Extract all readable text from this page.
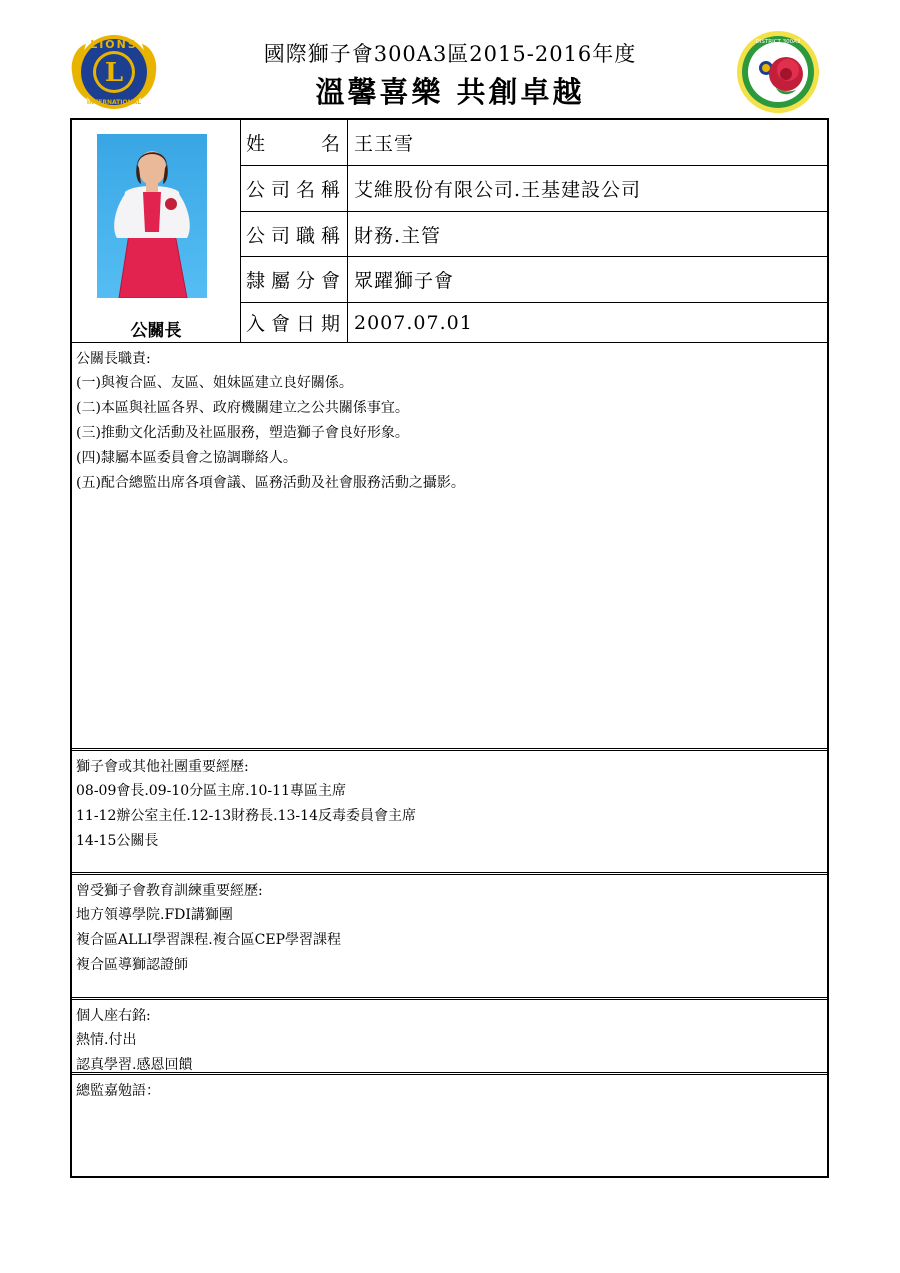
L
LIONS
INTERNATIONAL
國際獅子會300A3區2015-2016年度
溫馨喜樂 共創卓越
DISTRICT 300A3
公關長
姓　　名 王玉雪
公司名稱 艾維股份有限公司.王基建設公司
公司職稱 財務.主管
隸屬分會 眾躍獅子會
入會日期 2007.07.01
公關長職責:
(一)與複合區、友區、姐妹區建立良好關係。
(二)本區與社區各界、政府機關建立之公共關係事宜。
(三)推動文化活動及社區服務，塑造獅子會良好形象。
(四)隸屬本區委員會之協調聯絡人。
(五)配合總監出席各項會議、區務活動及社會服務活動之攝影。
獅子會或其他社團重要經歷:
08-09會長.09-10分區主席.10-11專區主席
11-12辦公室主任.12-13財務長.13-14反毒委員會主席
14-15公關長
曾受獅子會教育訓練重要經歷:
地方領導學院.FDI講獅團
複合區ALLI學習課程.複合區CEP學習課程
複合區導獅認證師
個人座右銘:
熱情.付出
認真學習.感恩回饋
總監嘉勉語：
